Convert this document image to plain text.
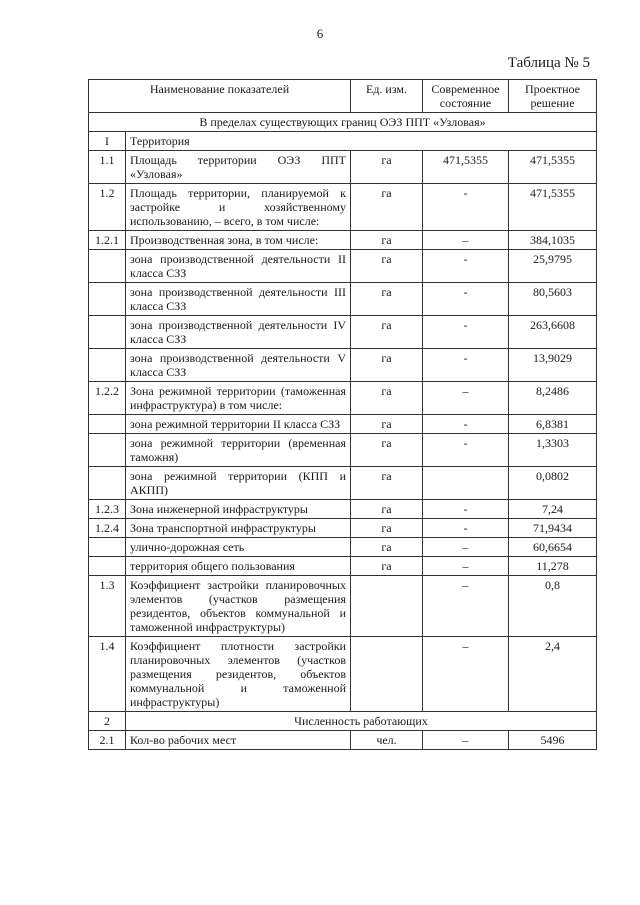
6
Таблица № 5
Наименование показателей		Ед. изм.	Современное состояние	Проектное решение
В пределах существующих границ ОЭЗ ППТ «Узловая»				
I	Территория			
1.1	Площадь территории ОЭЗ ППТ «Узловая»	га	471,5355	471,5355
1.2	Площадь территории, планируемой к застройке и хозяйственному использованию, – всего, в том числе:	га	-	471,5355
1.2.1	Производственная зона, в том числе:	га	–	384,1035
	зона производственной деятельности II класса СЗЗ	га	-	25,9795
	зона производственной деятельности III класса СЗЗ	га	-	80,5603
	зона производственной деятельности IV класса СЗЗ	га	-	263,6608
	зона производственной деятельности V класса СЗЗ	га	-	13,9029
1.2.2	Зона режимной территории (таможенная инфраструктура) в том числе:	га	–	8,2486
	зона режимной территории II класса СЗЗ	га	-	6,8381
	зона режимной территории (временная таможня)	га	-	1,3303
	зона режимной территории (КПП и АКПП)	га		0,0802
1.2.3	Зона инженерной инфраструктуры	га	-	7,24
1.2.4	Зона транспортной инфраструктуры	га	-	71,9434
	улично-дорожная сеть	га	–	60,6654
	территория общего пользования	га	–	11,278
1.3	Коэффициент застройки планировочных элементов (участков размещения резидентов, объектов коммунальной и таможенной инфраструктуры)		–	0,8
1.4	Коэффициент плотности застройки планировочных элементов (участков размещения резидентов, объектов коммунальной и таможенной инфраструктуры)		–	2,4
2	Численность работающих			
2.1	Кол-во рабочих мест	чел.	–	5496
